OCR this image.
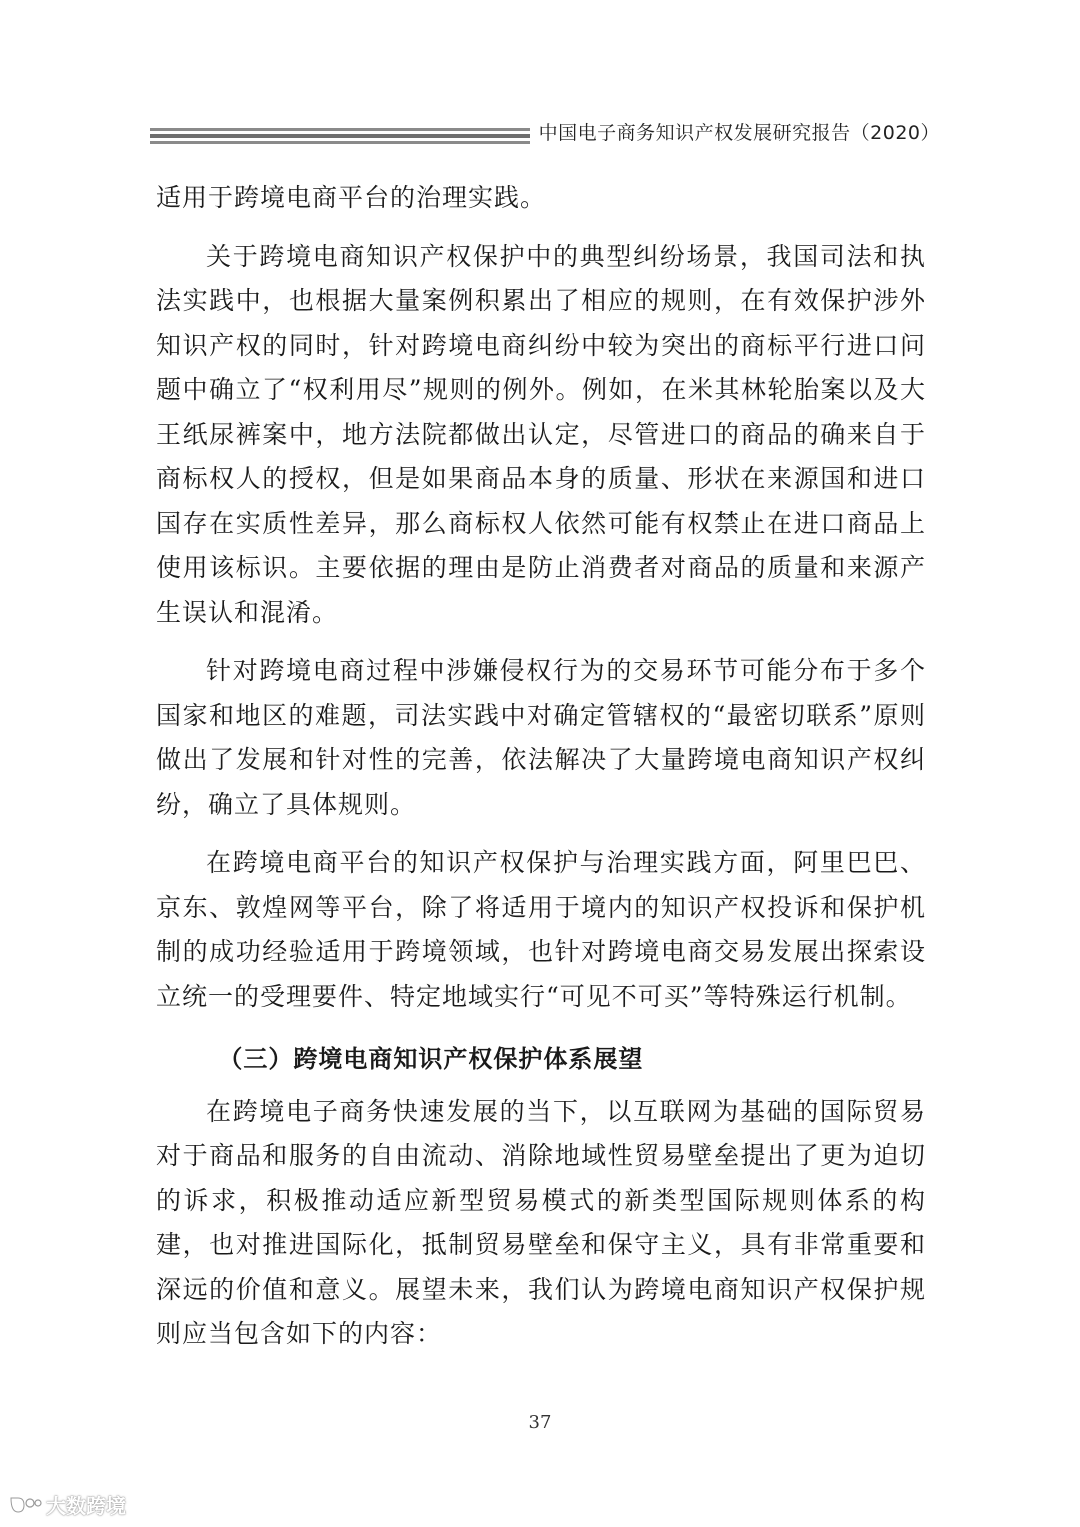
中国电子商务知识产权发展研究报告（2020）

适用于跨境电商平台的治理实践。

关于跨境电商知识产权保护中的典型纠纷场景，我国司法和执法实践中，也根据大量案例积累出了相应的规则，在有效保护涉外知识产权的同时，针对跨境电商纠纷中较为突出的商标平行进口问题中确立了“权利用尽”规则的例外。例如，在米其林轮胎案以及大王纸尿裤案中，地方法院都做出认定，尽管进口的商品的确来自于商标权人的授权，但是如果商品本身的质量、形状在来源国和进口国存在实质性差异，那么商标权人依然可能有权禁止在进口商品上使用该标识。主要依据的理由是防止消费者对商品的质量和来源产生误认和混淆。

针对跨境电商过程中涉嫌侵权行为的交易环节可能分布于多个国家和地区的难题，司法实践中对确定管辖权的“最密切联系”原则做出了发展和针对性的完善，依法解决了大量跨境电商知识产权纠纷，确立了具体规则。

在跨境电商平台的知识产权保护与治理实践方面，阿里巴巴、京东、敦煌网等平台，除了将适用于境内的知识产权投诉和保护机制的成功经验适用于跨境领域，也针对跨境电商交易发展出探索设立统一的受理要件、特定地域实行“可见不可买”等特殊运行机制。

（三）跨境电商知识产权保护体系展望

在跨境电子商务快速发展的当下，以互联网为基础的国际贸易对于商品和服务的自由流动、消除地域性贸易壁垒提出了更为迫切的诉求，积极推动适应新型贸易模式的新类型国际规则体系的构建，也对推进国际化，抵制贸易壁垒和保守主义，具有非常重要和深远的价值和意义。展望未来，我们认为跨境电商知识产权保护规则应当包含如下的内容：

37
大数跨境
